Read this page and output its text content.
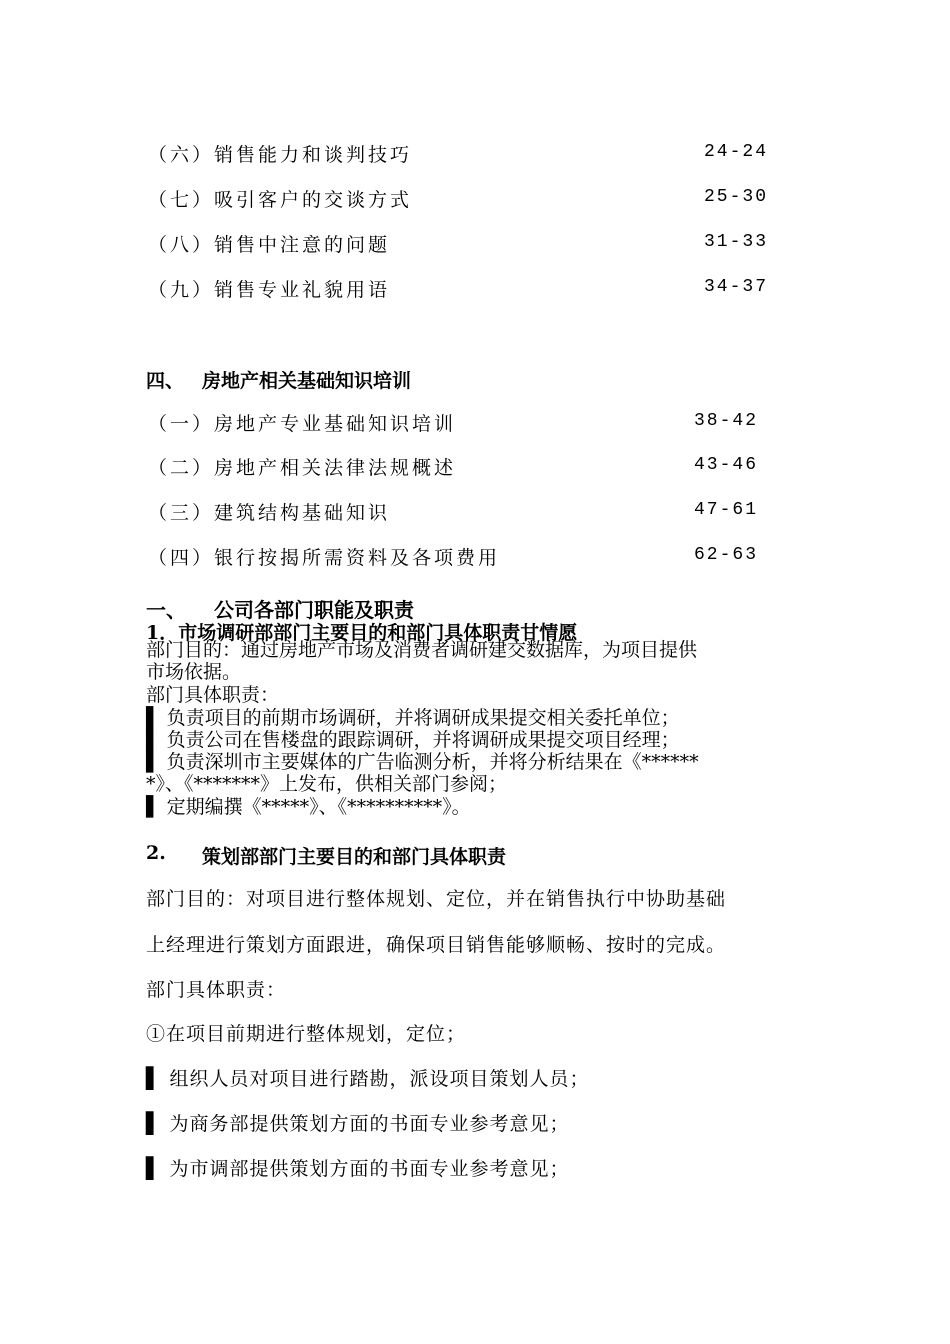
（六）销售能力和谈判技巧	24-24
（七）吸引客户的交谈方式	25-30
（八）销售中注意的问题	31-33
（九）销售专业礼貌用语	34-37
四、 房地产相关基础知识培训
（一）房地产专业基础知识培训	38-42
（二）房地产相关法律法规概述	43-46
（三）建筑结构基础知识	47-61
（四）银行按揭所需资料及各项费用	62-63
一、 公司各部门职能及职责
1．市场调研部部门主要目的和部门具体职责甘情愿
部门目的：通过房地产市场及消费者调研建交数据库，为项目提供
市场依据。
部门具体职责：
▌ 负责项目的前期市场调研，并将调研成果提交相关委托单位；
▌ 负责公司在售楼盘的跟踪调研，并将调研成果提交项目经理；
▌ 负责深圳市主要媒体的广告临测分析，并将分析结果在《******
*》、《*******》上发布，供相关部门参阅；
▌ 定期编撰《*****》、《**********》。
2. 策划部部门主要目的和部门具体职责
部门目的：对项目进行整体规划、定位，并在销售执行中协助基础
上经理进行策划方面跟进，确保项目销售能够顺畅、按时的完成。
部门具体职责：
①在项目前期进行整体规划，定位；
▌ 组织人员对项目进行踏勘，派设项目策划人员；
▌ 为商务部提供策划方面的书面专业参考意见；
▌ 为市调部提供策划方面的书面专业参考意见；
